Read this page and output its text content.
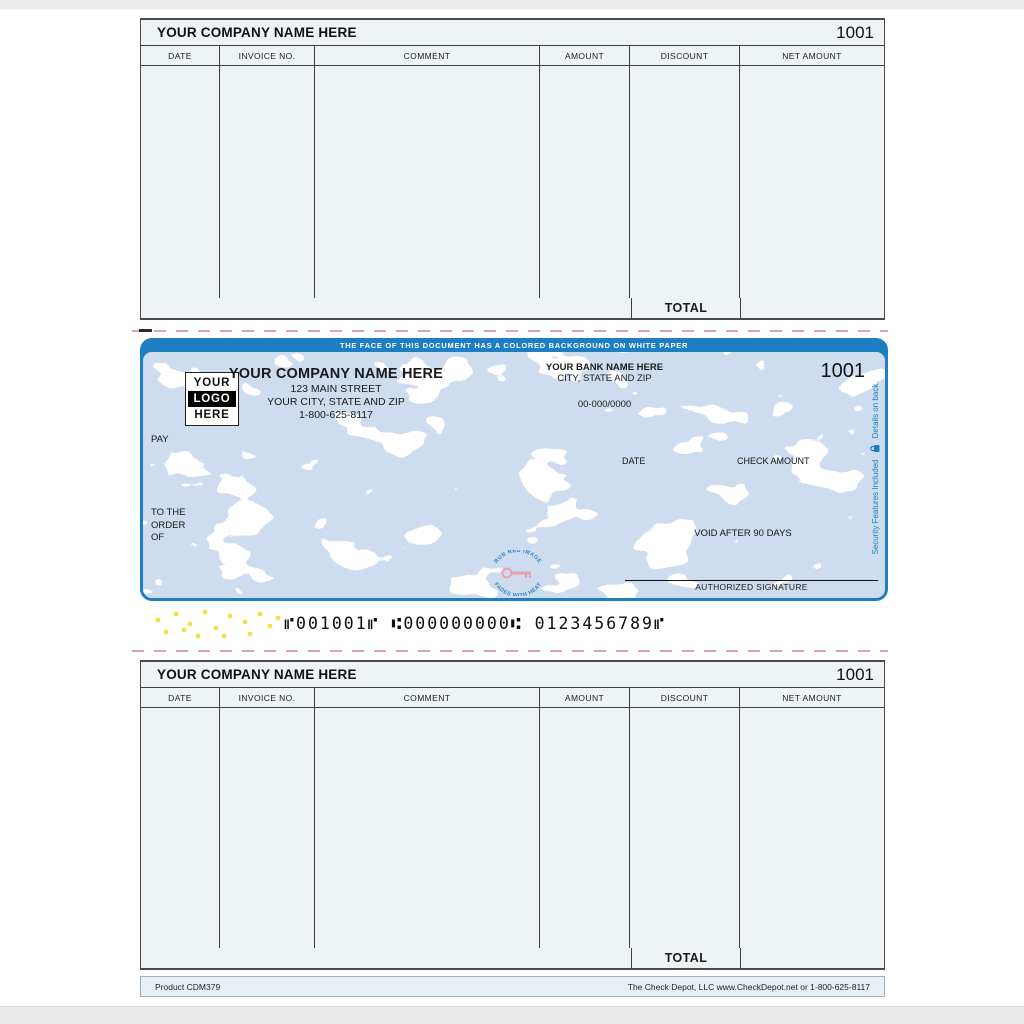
YOUR COMPANY NAME HERE	1001
DATE	INVOICE NO.	COMMENT	AMOUNT	DISCOUNT	NET AMOUNT
TOTAL
THE FACE OF THIS DOCUMENT HAS A COLORED BACKGROUND ON WHITE PAPER
YOUR
LOGO
HERE
YOUR COMPANY NAME HERE
123 MAIN STREET
YOUR CITY, STATE AND ZIP
1-800-625-8117
YOUR BANK NAME HERE
CITY, STATE AND ZIP
00-000/0000
1001
PAY
TO THE
ORDER
OF
DATE	CHECK AMOUNT
VOID AFTER 90 DAYS
AUTHORIZED SIGNATURE
RUB RED IMAGE
FADES WITH HEAT
Security Features Included
Details on back.
⑈001001⑈ ⑆000000000⑆ 0123456789⑈
YOUR COMPANY NAME HERE	1001
DATE	INVOICE NO.	COMMENT	AMOUNT	DISCOUNT	NET AMOUNT
TOTAL
Product CDM379	The Check Depot, LLC www.CheckDepot.net or 1-800-625-8117
